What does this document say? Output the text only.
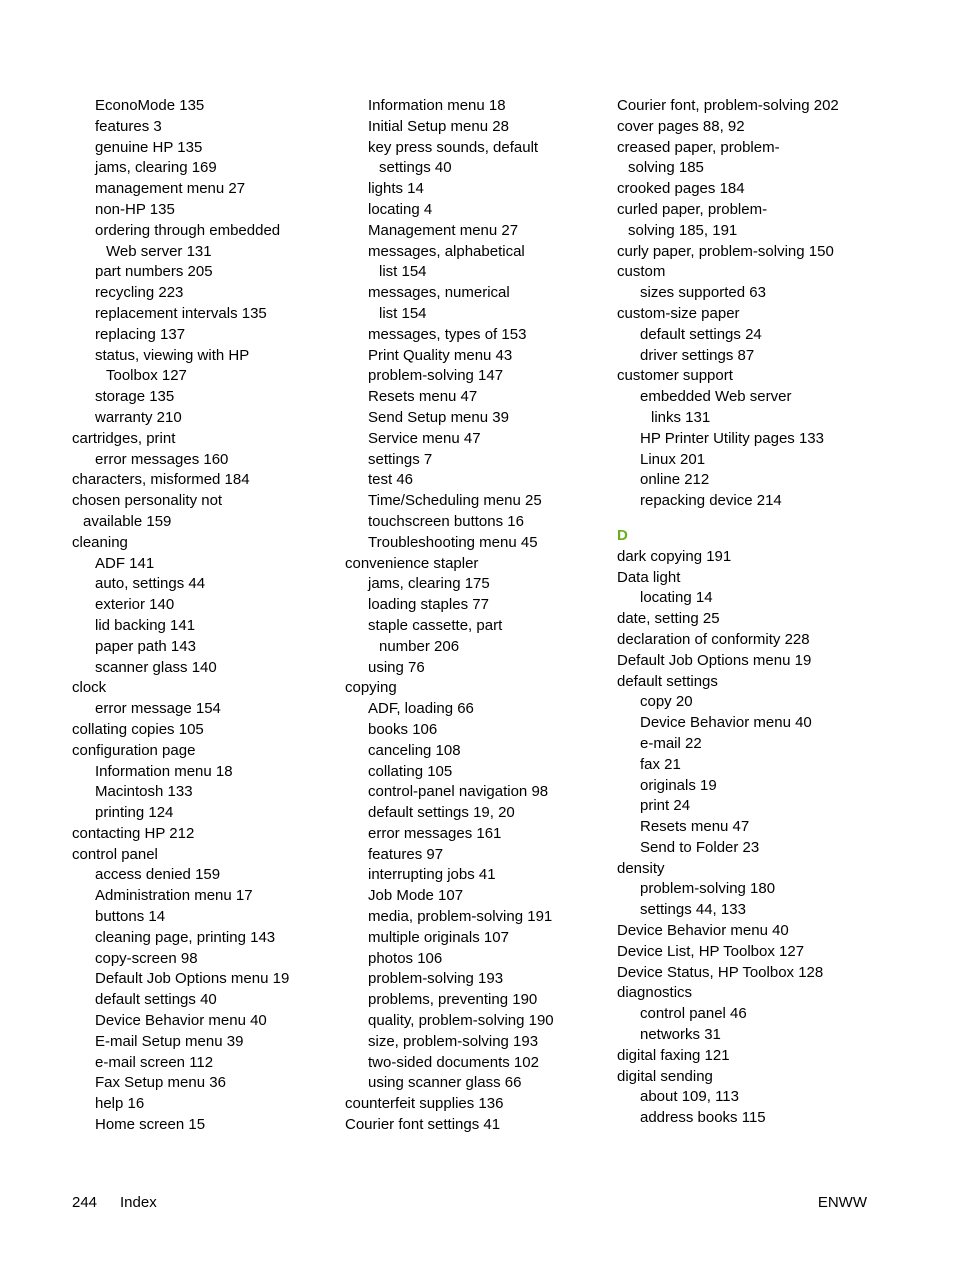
EconoMode 135
features 3
genuine HP 135
jams, clearing 169
management menu 27
non-HP 135
ordering through embedded
Web server 131
part numbers 205
recycling 223
replacement intervals 135
replacing 137
status, viewing with HP
Toolbox 127
storage 135
warranty 210
cartridges, print
error messages 160
characters, misformed 184
chosen personality not
available 159
cleaning
ADF 141
auto, settings 44
exterior 140
lid backing 141
paper path 143
scanner glass 140
clock
error message 154
collating copies 105
configuration page
Information menu 18
Macintosh 133
printing 124
contacting HP 212
control panel
access denied 159
Administration menu 17
buttons 14
cleaning page, printing 143
copy-screen 98
Default Job Options menu 19
default settings 40
Device Behavior menu 40
E-mail Setup menu 39
e-mail screen 112
Fax Setup menu 36
help 16
Home screen 15
Information menu 18
Initial Setup menu 28
key press sounds, default
settings 40
lights 14
locating 4
Management menu 27
messages, alphabetical
list 154
messages, numerical
list 154
messages, types of 153
Print Quality menu 43
problem-solving 147
Resets menu 47
Send Setup menu 39
Service menu 47
settings 7
test 46
Time/Scheduling menu 25
touchscreen buttons 16
Troubleshooting menu 45
convenience stapler
jams, clearing 175
loading staples 77
staple cassette, part
number 206
using 76
copying
ADF, loading 66
books 106
canceling 108
collating 105
control-panel navigation 98
default settings 19, 20
error messages 161
features 97
interrupting jobs 41
Job Mode 107
media, problem-solving 191
multiple originals 107
photos 106
problem-solving 193
problems, preventing 190
quality, problem-solving 190
size, problem-solving 193
two-sided documents 102
using scanner glass 66
counterfeit supplies 136
Courier font settings 41
Courier font, problem-solving 202
cover pages 88, 92
creased paper, problem-
solving 185
crooked pages 184
curled paper, problem-
solving 185, 191
curly paper, problem-solving 150
custom
sizes supported 63
custom-size paper
default settings 24
driver settings 87
customer support
embedded Web server
links 131
HP Printer Utility pages 133
Linux 201
online 212
repacking device 214
D
dark copying 191
Data light
locating 14
date, setting 25
declaration of conformity 228
Default Job Options menu 19
default settings
copy 20
Device Behavior menu 40
e-mail 22
fax 21
originals 19
print 24
Resets menu 47
Send to Folder 23
density
problem-solving 180
settings 44, 133
Device Behavior menu 40
Device List, HP Toolbox 127
Device Status, HP Toolbox 128
diagnostics
control panel 46
networks 31
digital faxing 121
digital sending
about 109, 113
address books 115
244 Index	ENWW
